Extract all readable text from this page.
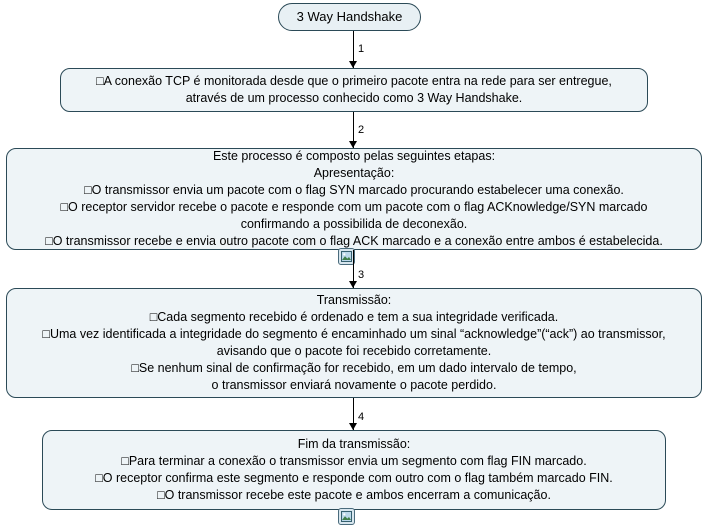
3 Way Handshake
1
□A conexão TCP é monitorada desde que o primeiro pacote entra na rede para ser entregue,
através de um processo conhecido como 3 Way Handshake.
2
Este processo é composto pelas seguintes etapas:
Apresentação:
□O transmissor envia um pacote com o flag SYN marcado procurando estabelecer uma conexão.
□O receptor servidor recebe o pacote e responde com um pacote com o flag ACKnowledge/SYN marcado
confirmando a possibilida de deconexão.
□O transmissor recebe e envia outro pacote com o flag ACK marcado e a conexão entre ambos é estabelecida.
3
Transmissão:
□Cada segmento recebido é ordenado e tem a sua integridade verificada.
□Uma vez identificada a integridade do segmento é encaminhado um sinal “acknowledge”(“ack”) ao transmissor,
avisando que o pacote foi recebido corretamente.
□Se nenhum sinal de confirmação for recebido, em um dado intervalo de tempo,
o transmissor enviará novamente o pacote perdido.
4
Fim da transmissão:
□Para terminar a conexão o transmissor envia um segmento com flag FIN marcado.
□O receptor confirma este segmento e responde com outro com o flag também marcado FIN.
□O transmissor recebe este pacote e ambos encerram a comunicação.
